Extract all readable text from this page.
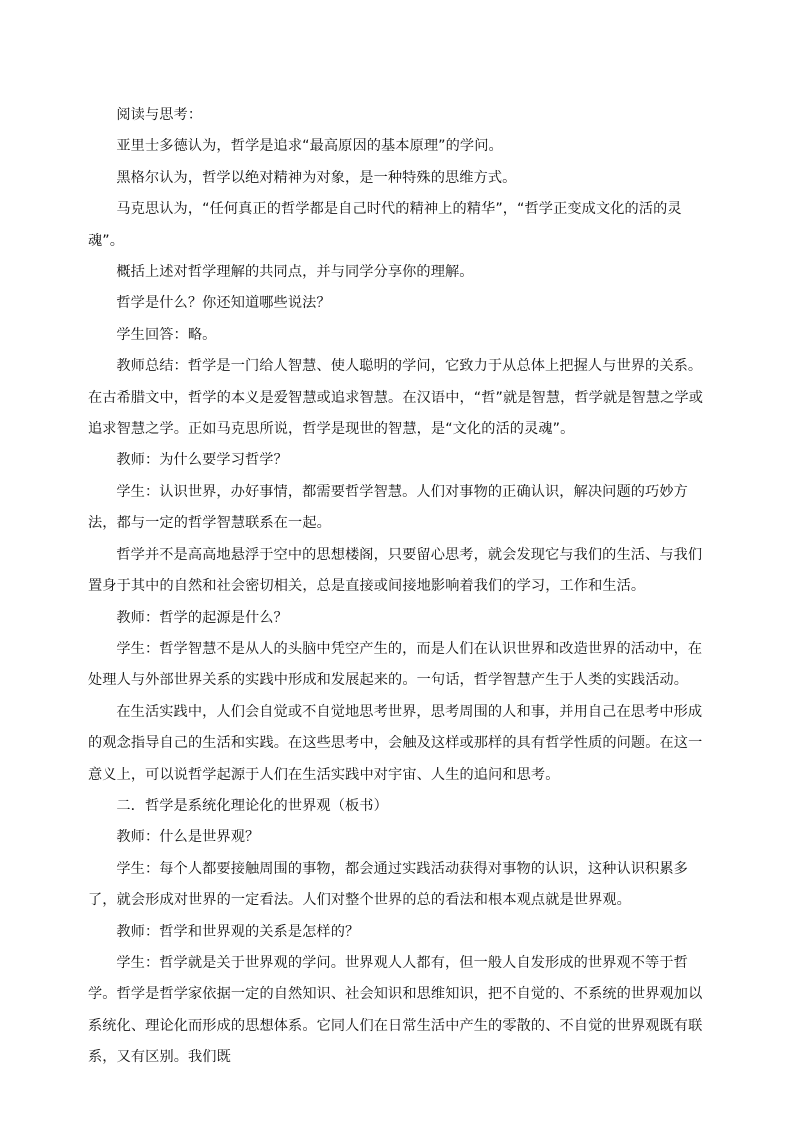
阅读与思考：

亚里士多德认为，哲学是追求“最高原因的基本原理”的学问。

黑格尔认为，哲学以绝对精神为对象，是一种特殊的思维方式。

马克思认为，“任何真正的哲学都是自己时代的精神上的精华”，“哲学正变成文化的活的灵魂”。

概括上述对哲学理解的共同点，并与同学分享你的理解。

哲学是什么？你还知道哪些说法？

学生回答：略。

教师总结：哲学是一门给人智慧、使人聪明的学问，它致力于从总体上把握人与世界的关系。在古希腊文中，哲学的本义是爱智慧或追求智慧。在汉语中，“哲”就是智慧，哲学就是智慧之学或追求智慧之学。正如马克思所说，哲学是现世的智慧，是“文化的活的灵魂”。

教师：为什么要学习哲学？

学生：认识世界，办好事情，都需要哲学智慧。人们对事物的正确认识，解决问题的巧妙方法，都与一定的哲学智慧联系在一起。

哲学并不是高高地悬浮于空中的思想楼阁，只要留心思考，就会发现它与我们的生活、与我们置身于其中的自然和社会密切相关，总是直接或间接地影响着我们的学习，工作和生活。

教师：哲学的起源是什么？

学生：哲学智慧不是从人的头脑中凭空产生的，而是人们在认识世界和改造世界的活动中，在处理人与外部世界关系的实践中形成和发展起来的。一句话，哲学智慧产生于人类的实践活动。

在生活实践中，人们会自觉或不自觉地思考世界，思考周围的人和事，并用自己在思考中形成的观念指导自己的生活和实践。在这些思考中，会触及这样或那样的具有哲学性质的问题。在这一意义上，可以说哲学起源于人们在生活实践中对宇宙、人生的追问和思考。

二．哲学是系统化理论化的世界观（板书）

教师：什么是世界观？

学生：每个人都要接触周围的事物，都会通过实践活动获得对事物的认识，这种认识积累多了，就会形成对世界的一定看法。人们对整个世界的总的看法和根本观点就是世界观。

教师：哲学和世界观的关系是怎样的？

学生：哲学就是关于世界观的学问。世界观人人都有，但一般人自发形成的世界观不等于哲学。哲学是哲学家依据一定的自然知识、社会知识和思维知识，把不自觉的、不系统的世界观加以系统化、理论化而形成的思想体系。它同人们在日常生活中产生的零散的、不自觉的世界观既有联系，又有区别。我们既
